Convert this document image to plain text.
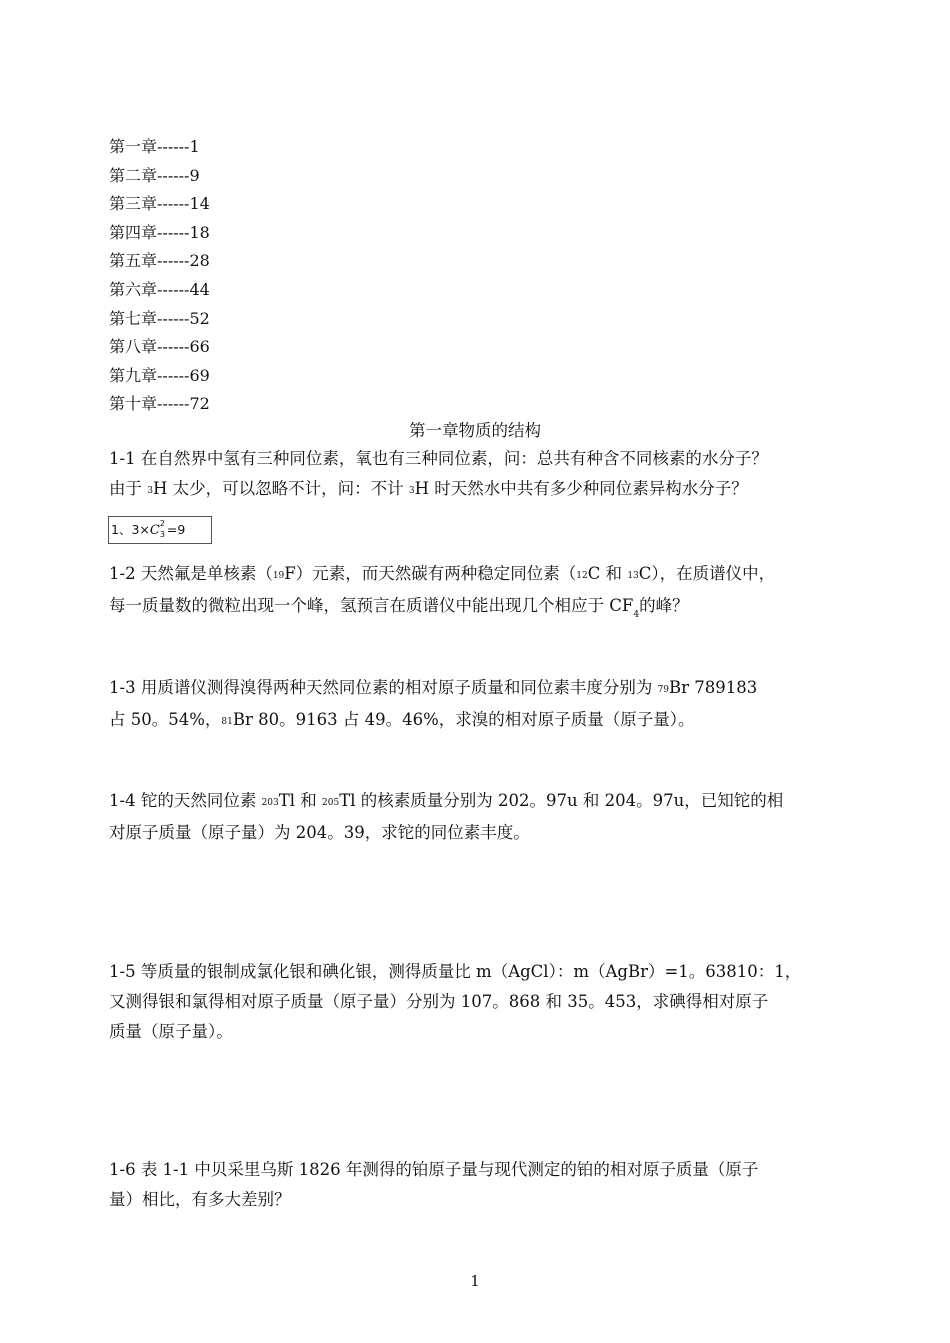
第一章------1
第二章------9
第三章------14
第四章------18
第五章------28
第六章------44
第七章------52
第八章------66
第九章------69
第十章------72
第一章物质的结构
1-1 在自然界中氢有三种同位素，氧也有三种同位素，问：总共有种含不同核素的水分子？
由于 3H 太少，可以忽略不计，问：不计 3H 时天然水中共有多少种同位素异构水分子？
1、3×C 2
3 =9
1-2 天然氟是单核素（19F）元素，而天然碳有两种稳定同位素（12C 和 13C），在质谱仪中，
每一质量数的微粒出现一个峰，氢预言在质谱仪中能出现几个相应于 $CF_4$的峰？
1-3 用质谱仪测得溴得两种天然同位素的相对原子质量和同位素丰度分别为 79Br 789183
占 50。54%，81Br 80。9163 占 49。46%，求溴的相对原子质量（原子量）。
1-4 铊的天然同位素 203Tl 和 205Tl 的核素质量分别为 202。97u 和 204。97u，已知铊的相
对原子质量（原子量）为 204。39，求铊的同位素丰度。
1-5 等质量的银制成氯化银和碘化银，测得质量比 m（AgCl）：m（AgBr）=1。63810：1，
又测得银和氯得相对原子质量（原子量）分别为 107。868 和 35。453，求碘得相对原子
质量（原子量）。
1-6 表 1-1 中贝采里乌斯 1826 年测得的铂原子量与现代测定的铂的相对原子质量（原子
量）相比，有多大差别？
1
